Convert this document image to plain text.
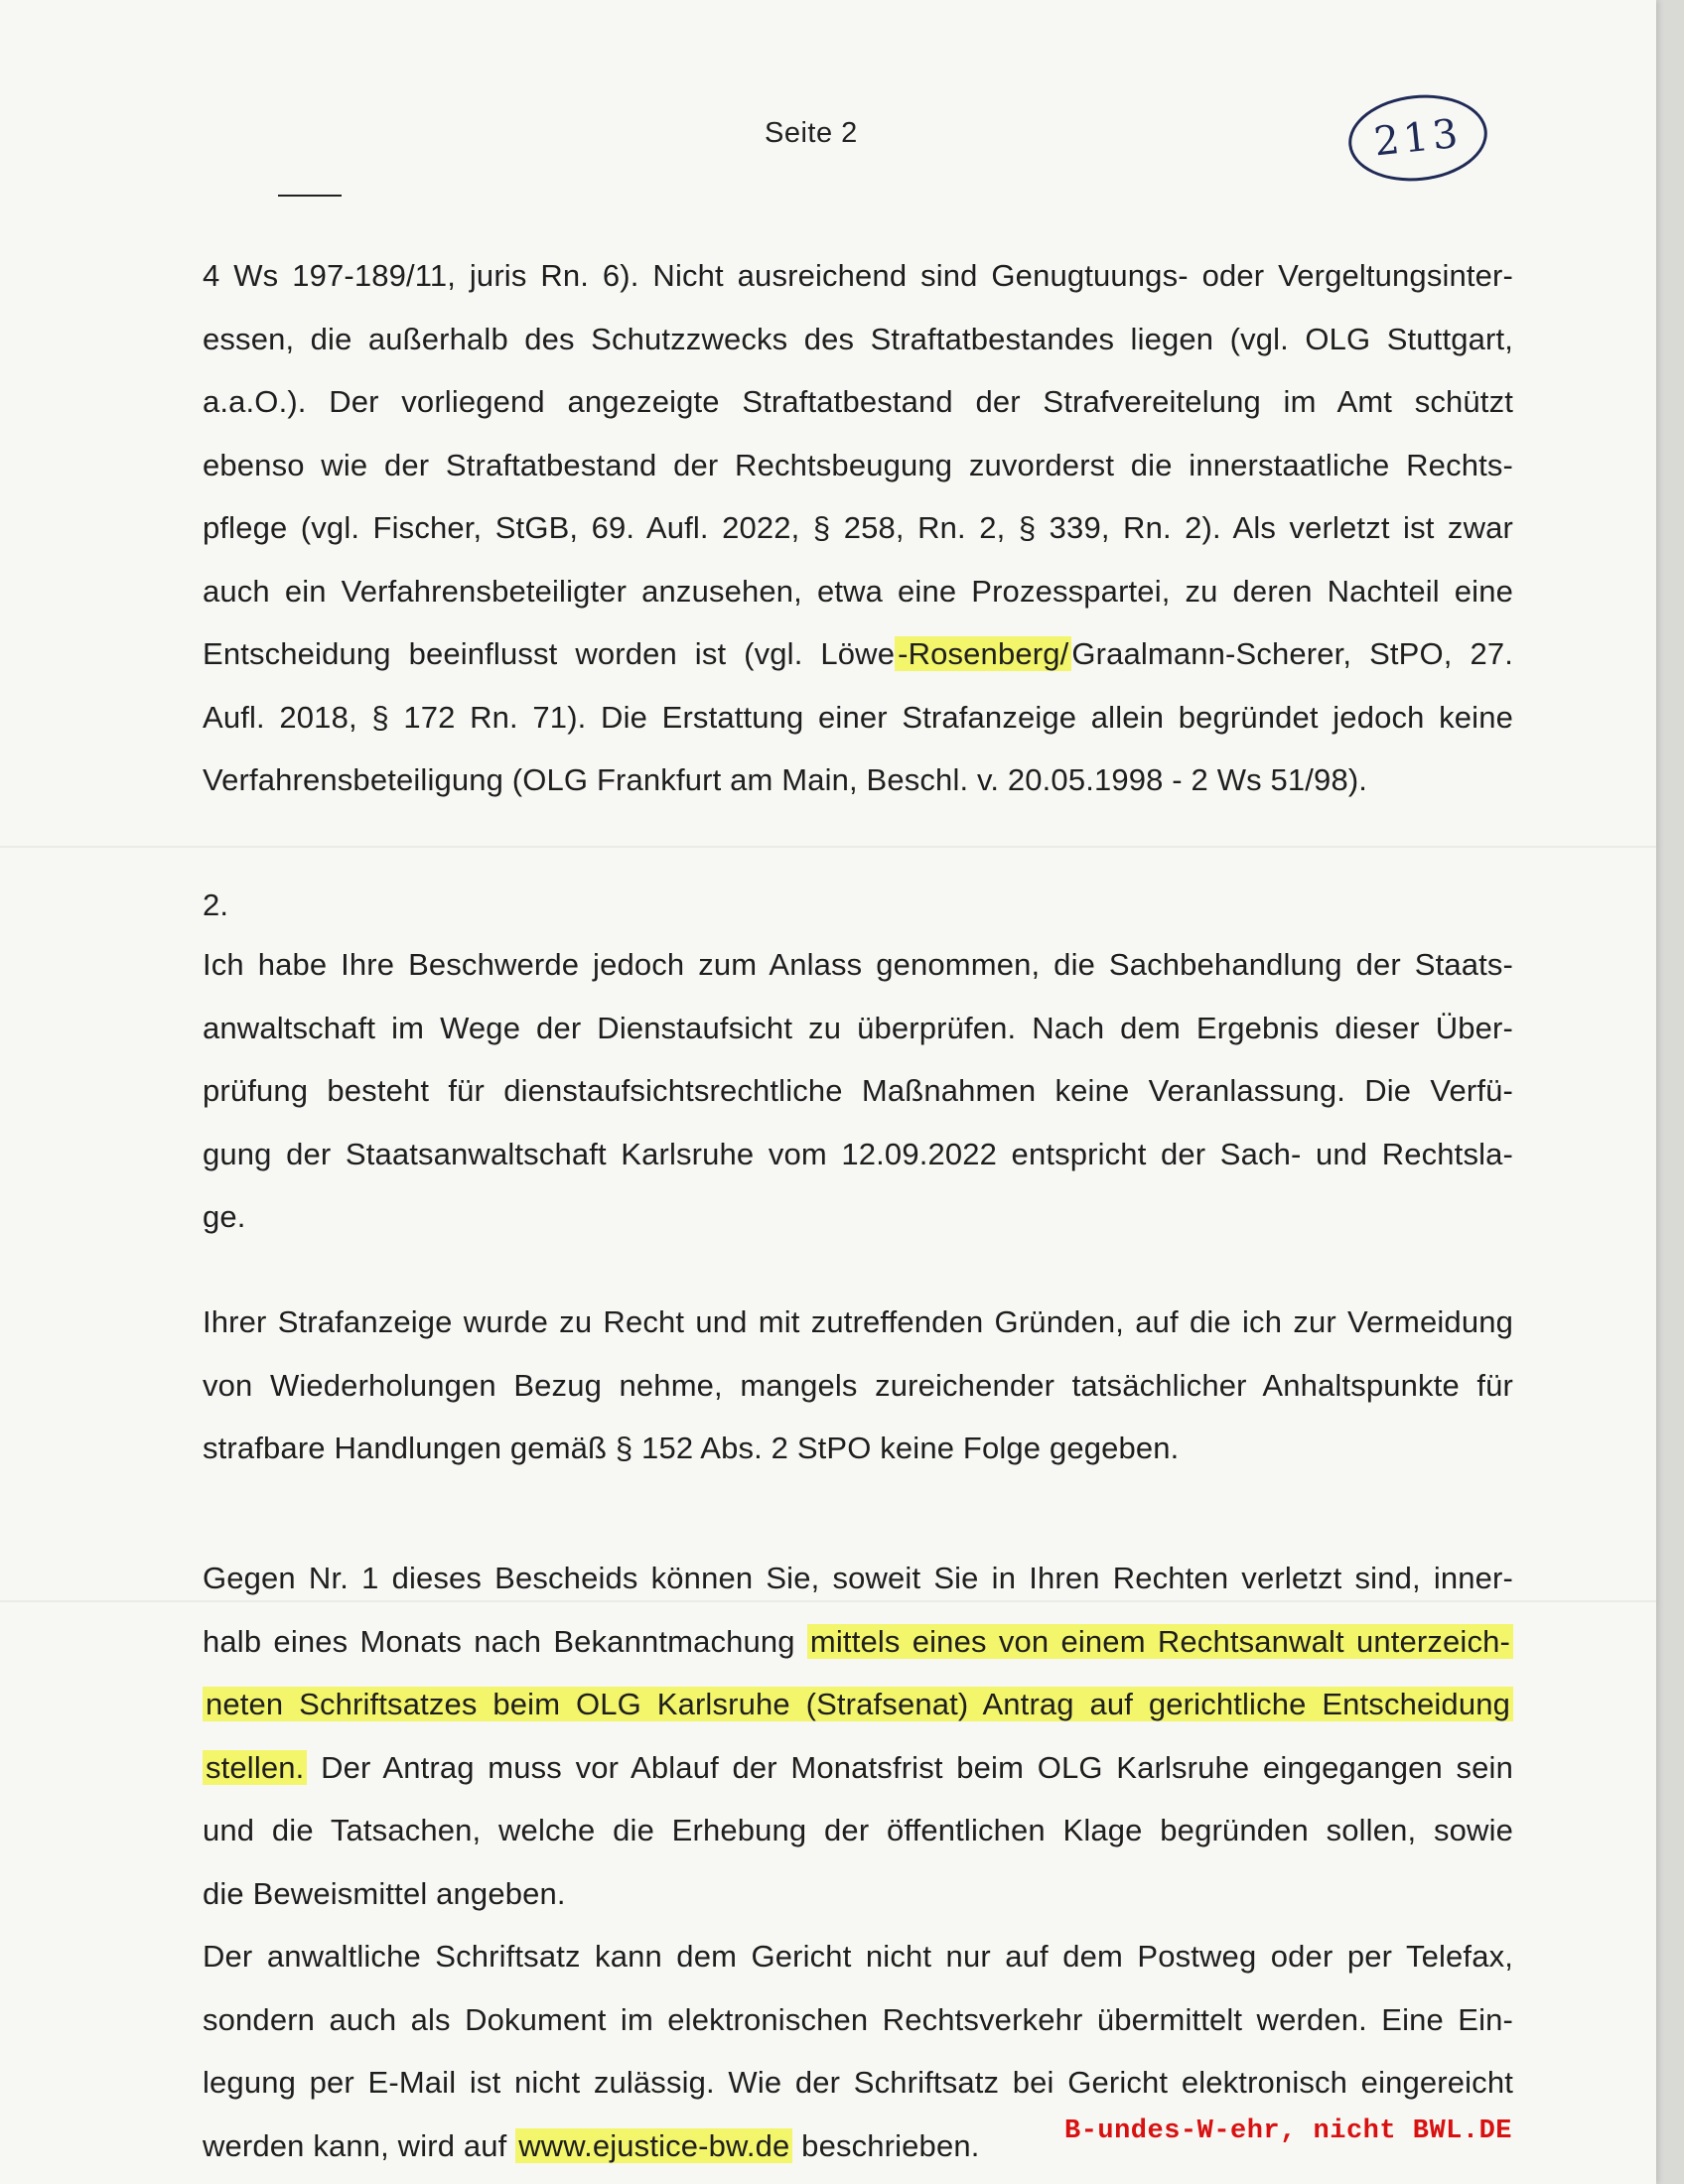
Seite 2	213
4 Ws 197-189/11, juris Rn. 6). Nicht ausreichend sind Genugtuungs- oder Vergeltungsinter-
essen, die außerhalb des Schutzzwecks des Straftatbestandes liegen (vgl. OLG Stuttgart,
a.a.O.). Der vorliegend angezeigte Straftatbestand der Strafvereitelung im Amt schützt
ebenso wie der Straftatbestand der Rechtsbeugung zuvorderst die innerstaatliche Rechts-
pflege (vgl. Fischer, StGB, 69. Aufl. 2022, § 258, Rn. 2, § 339, Rn. 2). Als verletzt ist zwar
auch ein Verfahrensbeteiligter anzusehen, etwa eine Prozesspartei, zu deren Nachteil eine
Entscheidung beeinflusst worden ist (vgl. Löwe-Rosenberg/Graalmann-Scherer, StPO, 27.
Aufl. 2018, § 172 Rn. 71). Die Erstattung einer Strafanzeige allein begründet jedoch keine
Verfahrensbeteiligung (OLG Frankfurt am Main, Beschl. v. 20.05.1998 - 2 Ws 51/98).
2.
Ich habe Ihre Beschwerde jedoch zum Anlass genommen, die Sachbehandlung der Staats-
anwaltschaft im Wege der Dienstaufsicht zu überprüfen. Nach dem Ergebnis dieser Über-
prüfung besteht für dienstaufsichtsrechtliche Maßnahmen keine Veranlassung. Die Verfü-
gung der Staatsanwaltschaft Karlsruhe vom 12.09.2022 entspricht der Sach- und Rechtsla-
ge.
Ihrer Strafanzeige wurde zu Recht und mit zutreffenden Gründen, auf die ich zur Vermeidung
von Wiederholungen Bezug nehme, mangels zureichender tatsächlicher Anhaltspunkte für
strafbare Handlungen gemäß § 152 Abs. 2 StPO keine Folge gegeben.
Gegen Nr. 1 dieses Bescheids können Sie, soweit Sie in Ihren Rechten verletzt sind, inner-
halb eines Monats nach Bekanntmachung mittels eines von einem Rechtsanwalt unterzeich-
neten Schriftsatzes beim OLG Karlsruhe (Strafsenat) Antrag auf gerichtliche Entscheidung
stellen. Der Antrag muss vor Ablauf der Monatsfrist beim OLG Karlsruhe eingegangen sein
und die Tatsachen, welche die Erhebung der öffentlichen Klage begründen sollen, sowie
die Beweismittel angeben.
Der anwaltliche Schriftsatz kann dem Gericht nicht nur auf dem Postweg oder per Telefax,
sondern auch als Dokument im elektronischen Rechtsverkehr übermittelt werden. Eine Ein-
legung per E-Mail ist nicht zulässig. Wie der Schriftsatz bei Gericht elektronisch eingereicht
werden kann, wird auf www.ejustice-bw.de beschrieben.	B-undes-W-ehr, nicht BWL.DE
